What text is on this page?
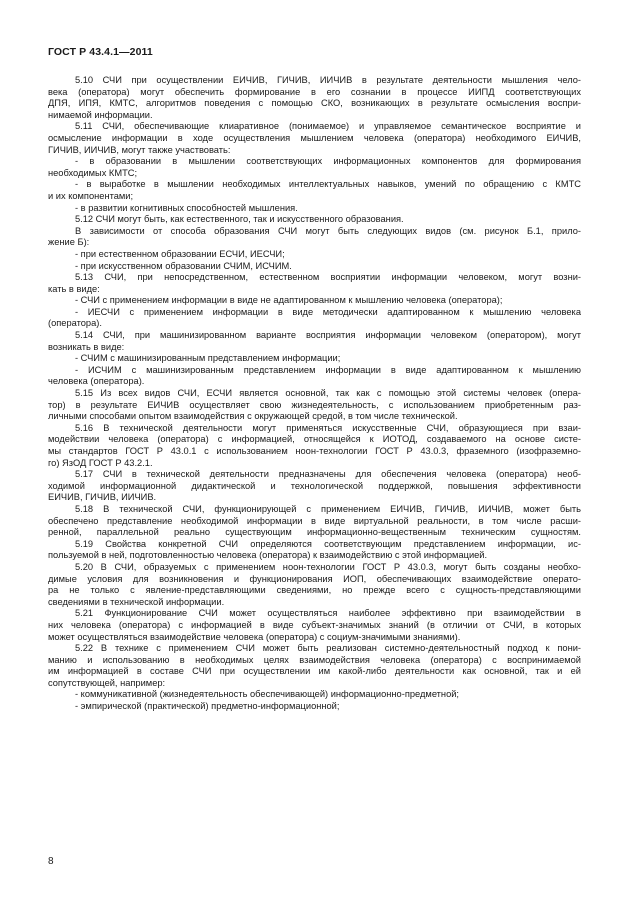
ГОСТ Р 43.4.1—2011
5.10 СЧИ при осуществлении ЕИЧИВ, ГИЧИВ, ИИЧИВ в результате деятельности мышления чело-
века (оператора) могут обеспечить формирование в его сознании в процессе ИИПД соответствующих
ДПЯ, ИПЯ, КМТС, алгоритмов поведения с помощью СКО, возникающих в результате осмысления воспри-
нимаемой информации.
5.11 СЧИ, обеспечивающие клиаративное (понимаемое) и управляемое семантическое восприятие и
осмысление информации в ходе осуществления мышлением человека (оператора) необходимого ЕИЧИВ,
ГИЧИВ, ИИЧИВ, могут также участвовать:
- в образовании в мышлении соответствующих информационных компонентов для формирования
необходимых КМТС;
- в выработке в мышлении необходимых интеллектуальных навыков, умений по обращению с КМТС
и их компонентами;
- в развитии когнитивных способностей мышления.
5.12 СЧИ могут быть, как естественного, так и искусственного образования.
В зависимости от способа образования СЧИ могут быть следующих видов (см. рисунок Б.1, прило-
жение Б):
- при естественном образовании ЕСЧИ, ИЕСЧИ;
- при искусственном образовании СЧИМ, ИСЧИМ.
5.13 СЧИ, при непосредственном, естественном восприятии информации человеком, могут возни-
кать в виде:
- СЧИ с применением информации в виде не адаптированном к мышлению человека (оператора);
- ИЕСЧИ с применением информации в виде методически адаптированном к мышлению человека
(оператора).
5.14 СЧИ, при машинизированном варианте восприятия информации человеком (оператором), могут
возникать в виде:
- СЧИМ с машинизированным представлением информации;
- ИСЧИМ с машинизированным представлением информации в виде адаптированном к мышлению
человека (оператора).
5.15 Из всех видов СЧИ, ЕСЧИ является основной, так как с помощью этой системы человек (опера-
тор) в результате ЕИЧИВ осуществляет свою жизнедеятельность, с использованием приобретенным раз-
личными способами опытом взаимодействия с окружающей средой, в том числе технической.
5.16 В технической деятельности могут применяться искусственные СЧИ, образующиеся при взаи-
модействии человека (оператора) с информацией, относящейся к ИОТОД, создаваемого на основе систе-
мы стандартов ГОСТ Р 43.0.1 с использованием ноон-технологии ГОСТ Р 43.0.3, фраземного (изофраземно-
го) ЯзОД ГОСТ Р 43.2.1.
5.17 СЧИ в технической деятельности предназначены для обеспечения человека (оператора) необ-
ходимой информационной дидактической и технологической поддержкой, повышения эффективности
ЕИЧИВ, ГИЧИВ, ИИЧИВ.
5.18 В технической СЧИ, функционирующей с применением ЕИЧИВ, ГИЧИВ, ИИЧИВ, может быть
обеспечено представление необходимой информации в виде виртуальной реальности, в том числе расши-
ренной, параллельной реально существующим информационно-вещественным техническим сущностям.
5.19 Свойства конкретной СЧИ определяются соответствующим представлением информации, ис-
пользуемой в ней, подготовленностью человека (оператора) к взаимодействию с этой информацией.
5.20 В СЧИ, образуемых с применением ноон-технологии ГОСТ Р 43.0.3, могут быть созданы необхо-
димые условия для возникновения и функционирования ИОП, обеспечивающих взаимодействие операто-
ра не только с явление-представляющими сведениями, но прежде всего с сущность-представляющими
сведениями в технической информации.
5.21 Функционирование СЧИ может осуществляться наиболее эффективно при взаимодействии в
них человека (оператора) с информацией в виде субъект-значимых знаний (в отличии от СЧИ, в которых
может осуществляться взаимодействие человека (оператора) с социум-значимыми знаниями).
5.22 В технике с применением СЧИ может быть реализован системно-деятельностный подход к пони-
манию и использованию в необходимых целях взаимодействия человека (оператора) с воспринимаемой
им информацией в составе СЧИ при осуществлении им какой-либо деятельности как основной, так и ей
сопутствующей, например:
- коммуникативной (жизнедеятельность обеспечивающей) информационно-предметной;
- эмпирической (практической) предметно-информационной;
8
